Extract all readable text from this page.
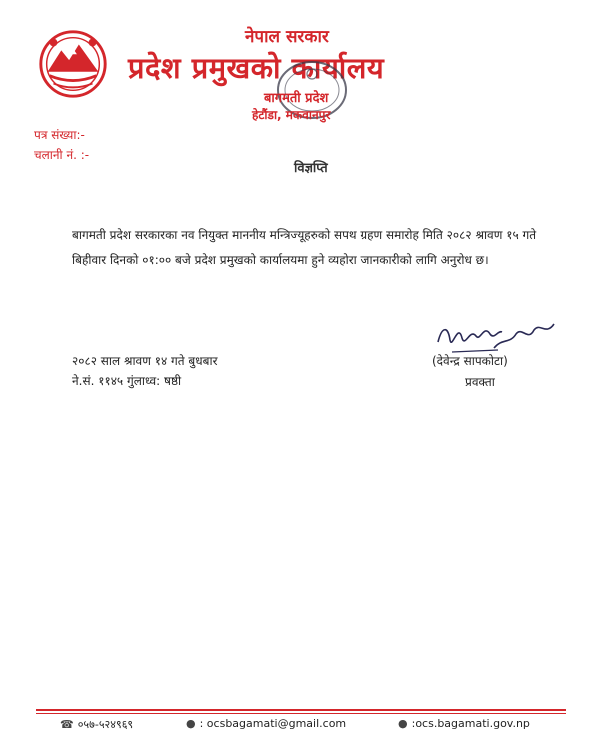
नेपाल सरकार
प्रदेश प्रमुखको कार्यालय
बागमती प्रदेश
हेटौंडा, मकवानपुर
पत्र संख्या:-
चलानी नं. :-
विज्ञप्ति
बागमती प्रदेश सरकारका नव नियुक्त माननीय मन्त्रिज्यूहरुको सपथ ग्रहण समारोह मिति २०८२ श्रावण १५ गते बिहीवार दिनको ०१:०० बजे प्रदेश प्रमुखको कार्यालयमा हुने व्यहोरा जानकारीको लागि अनुरोध छ।
२०८२ साल श्रावण १४ गते बुधबार
ने.सं. ११४५ गुंलाध्व: षष्ठी
(देवेन्द्र सापकोटा)
प्रवक्ता
☎ ०५७-५२४९६९	● : ocsbagamati@gmail.com	● :ocs.bagamati.gov.np
